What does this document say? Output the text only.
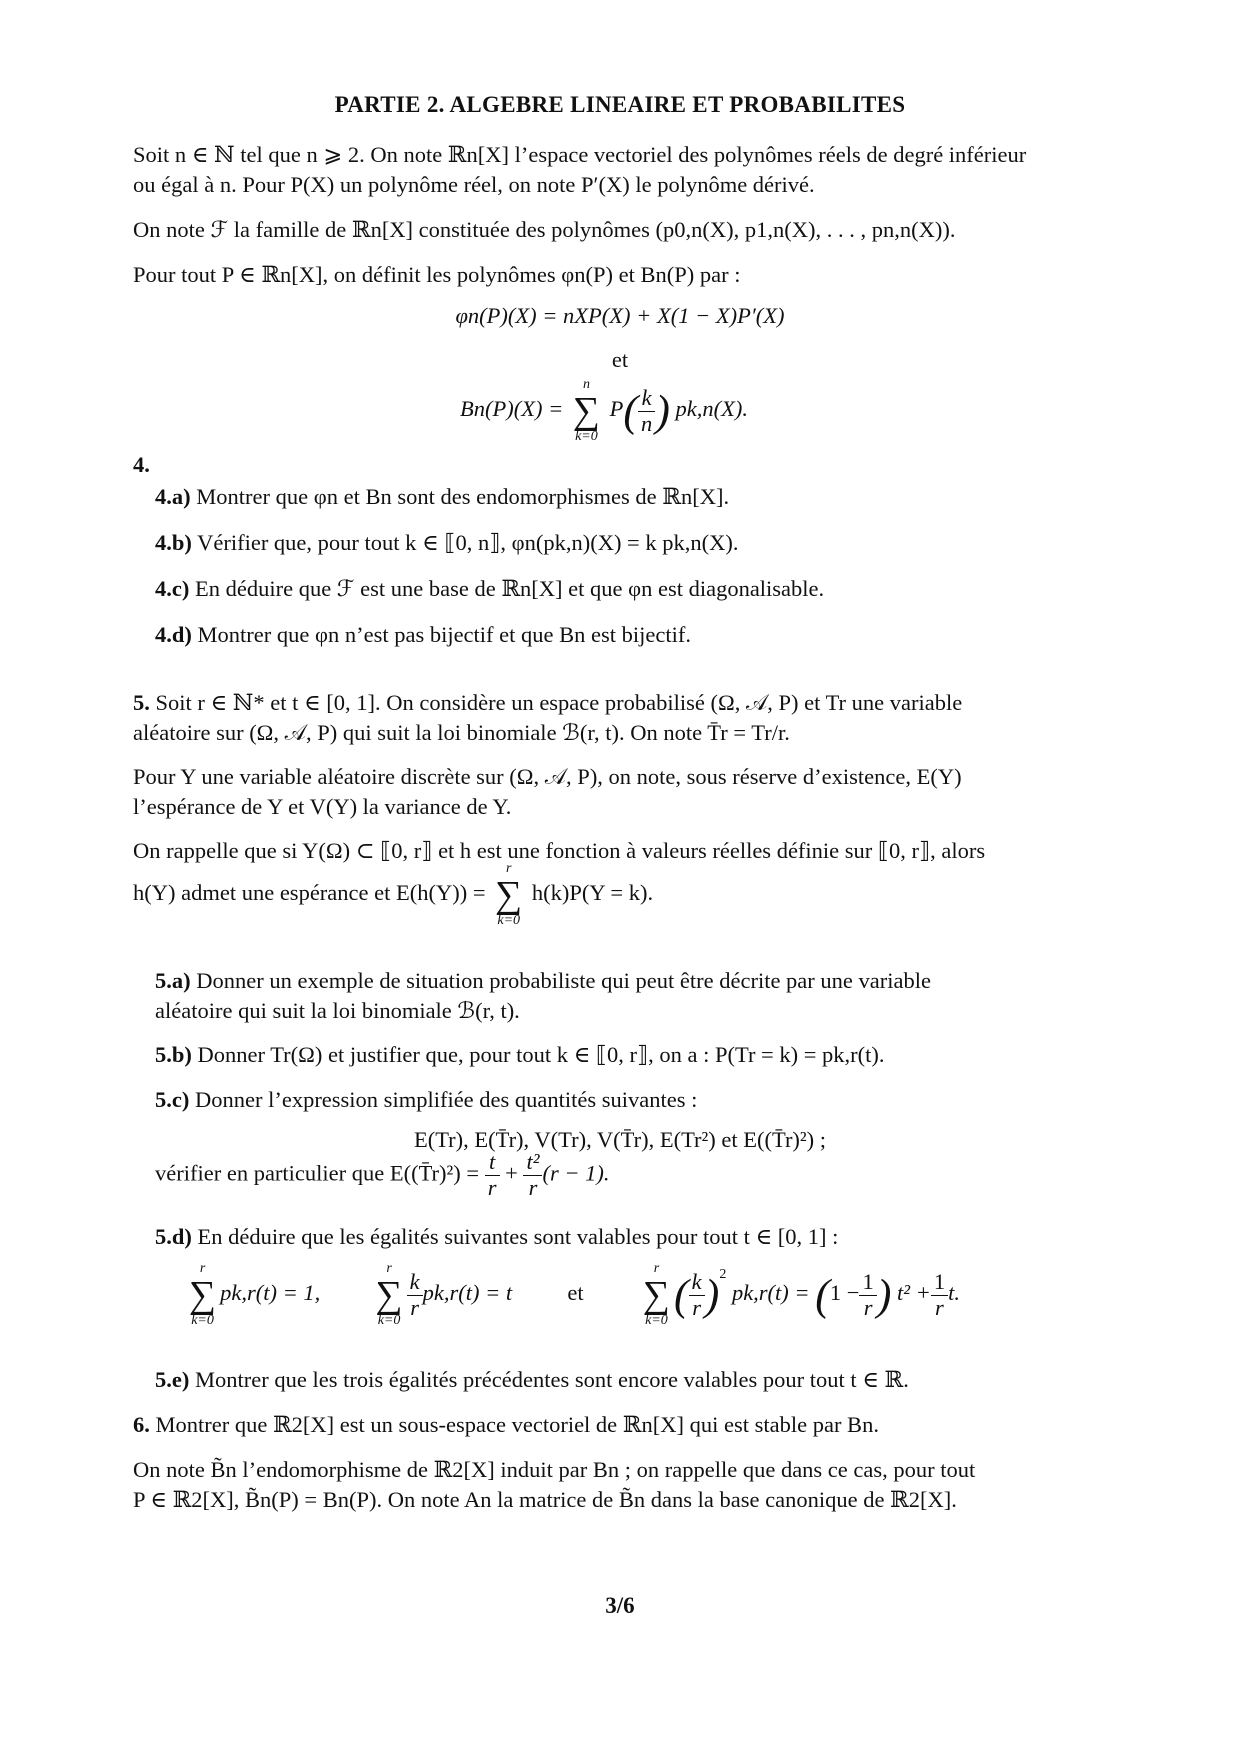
PARTIE 2. ALGEBRE LINEAIRE ET PROBABILITES
Soit n ∈ ℕ tel que n ⩾ 2. On note ℝn[X] l’espace vectoriel des polynômes réels de degré inférieur
ou égal à n. Pour P(X) un polynôme réel, on note P′(X) le polynôme dérivé.
On note ℱ la famille de ℝn[X] constituée des polynômes (p0,n(X), p1,n(X), . . . , pn,n(X)).
Pour tout P ∈ ℝn[X], on définit les polynômes φn(P) et Bn(P) par :
φn(P)(X) = nXP(X) + X(1 − X)P′(X)
et
Bn(P)(X) =
n
∑
k=0
$P( \frac{k}{n}$ ) pk,n(X).
4.
4.a) Montrer que φn et Bn sont des endomorphismes de ℝn[X].
4.b) Vérifier que, pour tout k ∈ ⟦0, n⟧, φn(pk,n)(X) = k pk,n(X).
4.c) En déduire que ℱ est une base de ℝn[X] et que φn est diagonalisable.
4.d) Montrer que φn n’est pas bijectif et que Bn est bijectif.
5. Soit r ∈ ℕ* et t ∈ [0, 1]. On considère un espace probabilisé (Ω, 𝒜, P) et Tr une variable
aléatoire sur (Ω, 𝒜, P) qui suit la loi binomiale ℬ(r, t). On note T̄r = Tr/r.
Pour Y une variable aléatoire discrète sur (Ω, 𝒜, P), on note, sous réserve d’existence, E(Y)
l’espérance de Y et V(Y) la variance de Y.
On rappelle que si Y(Ω) ⊂ ⟦0, r⟧ et h est une fonction à valeurs réelles définie sur ⟦0, r⟧, alors
h(Y) admet une espérance et E(h(Y)) =
r
∑
k=0
h(k)P(Y = k).
5.a) Donner un exemple de situation probabiliste qui peut être décrite par une variable
aléatoire qui suit la loi binomiale ℬ(r, t).
5.b) Donner Tr(Ω) et justifier que, pour tout k ∈ ⟦0, r⟧, on a : P(Tr = k) = pk,r(t).
5.c) Donner l’expression simplifiée des quantités suivantes :
E(Tr), E(T̄r), V(Tr), V(T̄r), E(Tr²) et E((T̄r)²) ;
vérifier en particulier que E((T̄r)²) = $\frac{t}{r} + \frac{\text{t²}}{r} (r - 1)$.
5.d) En déduire que les égalités suivantes sont valables pour tout t ∈ [0, 1] :
r
∑
k=0
pk,r(t) = 1,
r
∑
k=0
$\frac{k}{r} pk,r(t) = t$ et
r
∑
k=0
( $\frac{k}{r} )^2$ $pk,r(t) = (1 - \frac{1}{r}$ ) $t^2 + \frac{1}{r} t$.
5.e) Montrer que les trois égalités précédentes sont encore valables pour tout t ∈ ℝ.
6. Montrer que ℝ2[X] est un sous-espace vectoriel de ℝn[X] qui est stable par Bn.
On note B̃n l’endomorphisme de ℝ2[X] induit par Bn ; on rappelle que dans ce cas, pour tout
P ∈ ℝ2[X], B̃n(P) = Bn(P). On note An la matrice de B̃n dans la base canonique de ℝ2[X].
3/6
